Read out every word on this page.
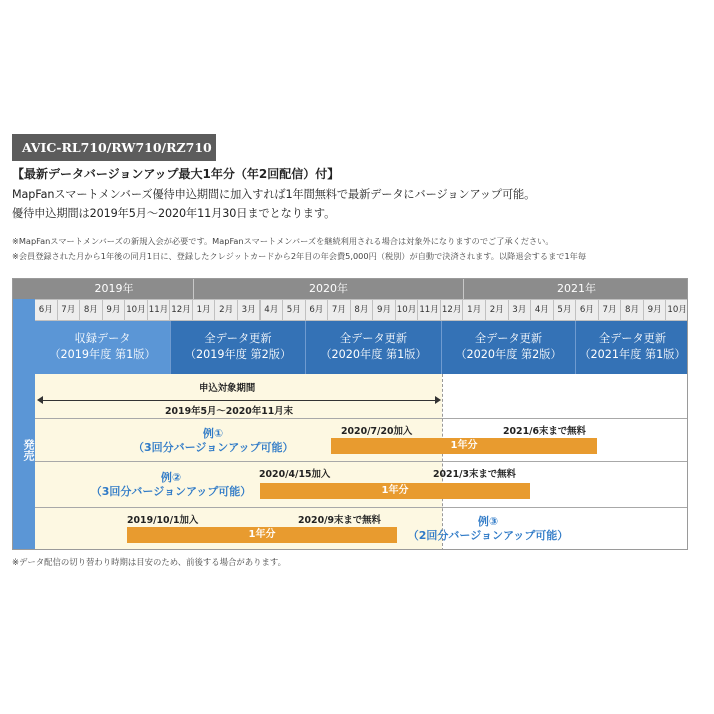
AVIC-RL710/RW710/RZ710
【最新データバージョンアップ最大1年分（年2回配信）付】
MapFanスマートメンバーズ優待申込期間に加入すれば1年間無料で最新データにバージョンアップ可能。
優待申込期間は2019年5月～2020年11月30日までとなります。
※MapFanスマートメンバーズの新規入会が必要です。MapFanスマートメンバーズを継続利用される場合は対象外になりますのでご了承ください。
※会員登録された月から1年後の同月1日に、登録したクレジットカードから2年目の年会費5,000円（税別）が自動で決済されます。以降退会するまで1年毎
2019年	2020年	2021年
6月 7月 8月 9月 10月 11月 12月 1月 2月 3月 4月 5月 6月 7月 8月 9月 10月 11月 12月 1月 2月 3月 4月 5月 6月 7月 8月 9月 10月
発売
収録データ
（2019年度 第1版）
全データ更新
（2019年度 第2版）
全データ更新
（2020年度 第1版）
全データ更新
（2020年度 第2版）
全データ更新
（2021年度 第1版）
申込対象期間
2019年5月～2020年11月末
例①
（3回分バージョンアップ可能）
2020/7/20加入	2021/6末まで無料
1年分
例②
（3回分バージョンアップ可能）
2020/4/15加入	2021/3末まで無料
1年分
2019/10/1加入	2020/9末まで無料
1年分
例③
（2回分バージョンアップ可能）
※データ配信の切り替わり時期は目安のため、前後する場合があります。
